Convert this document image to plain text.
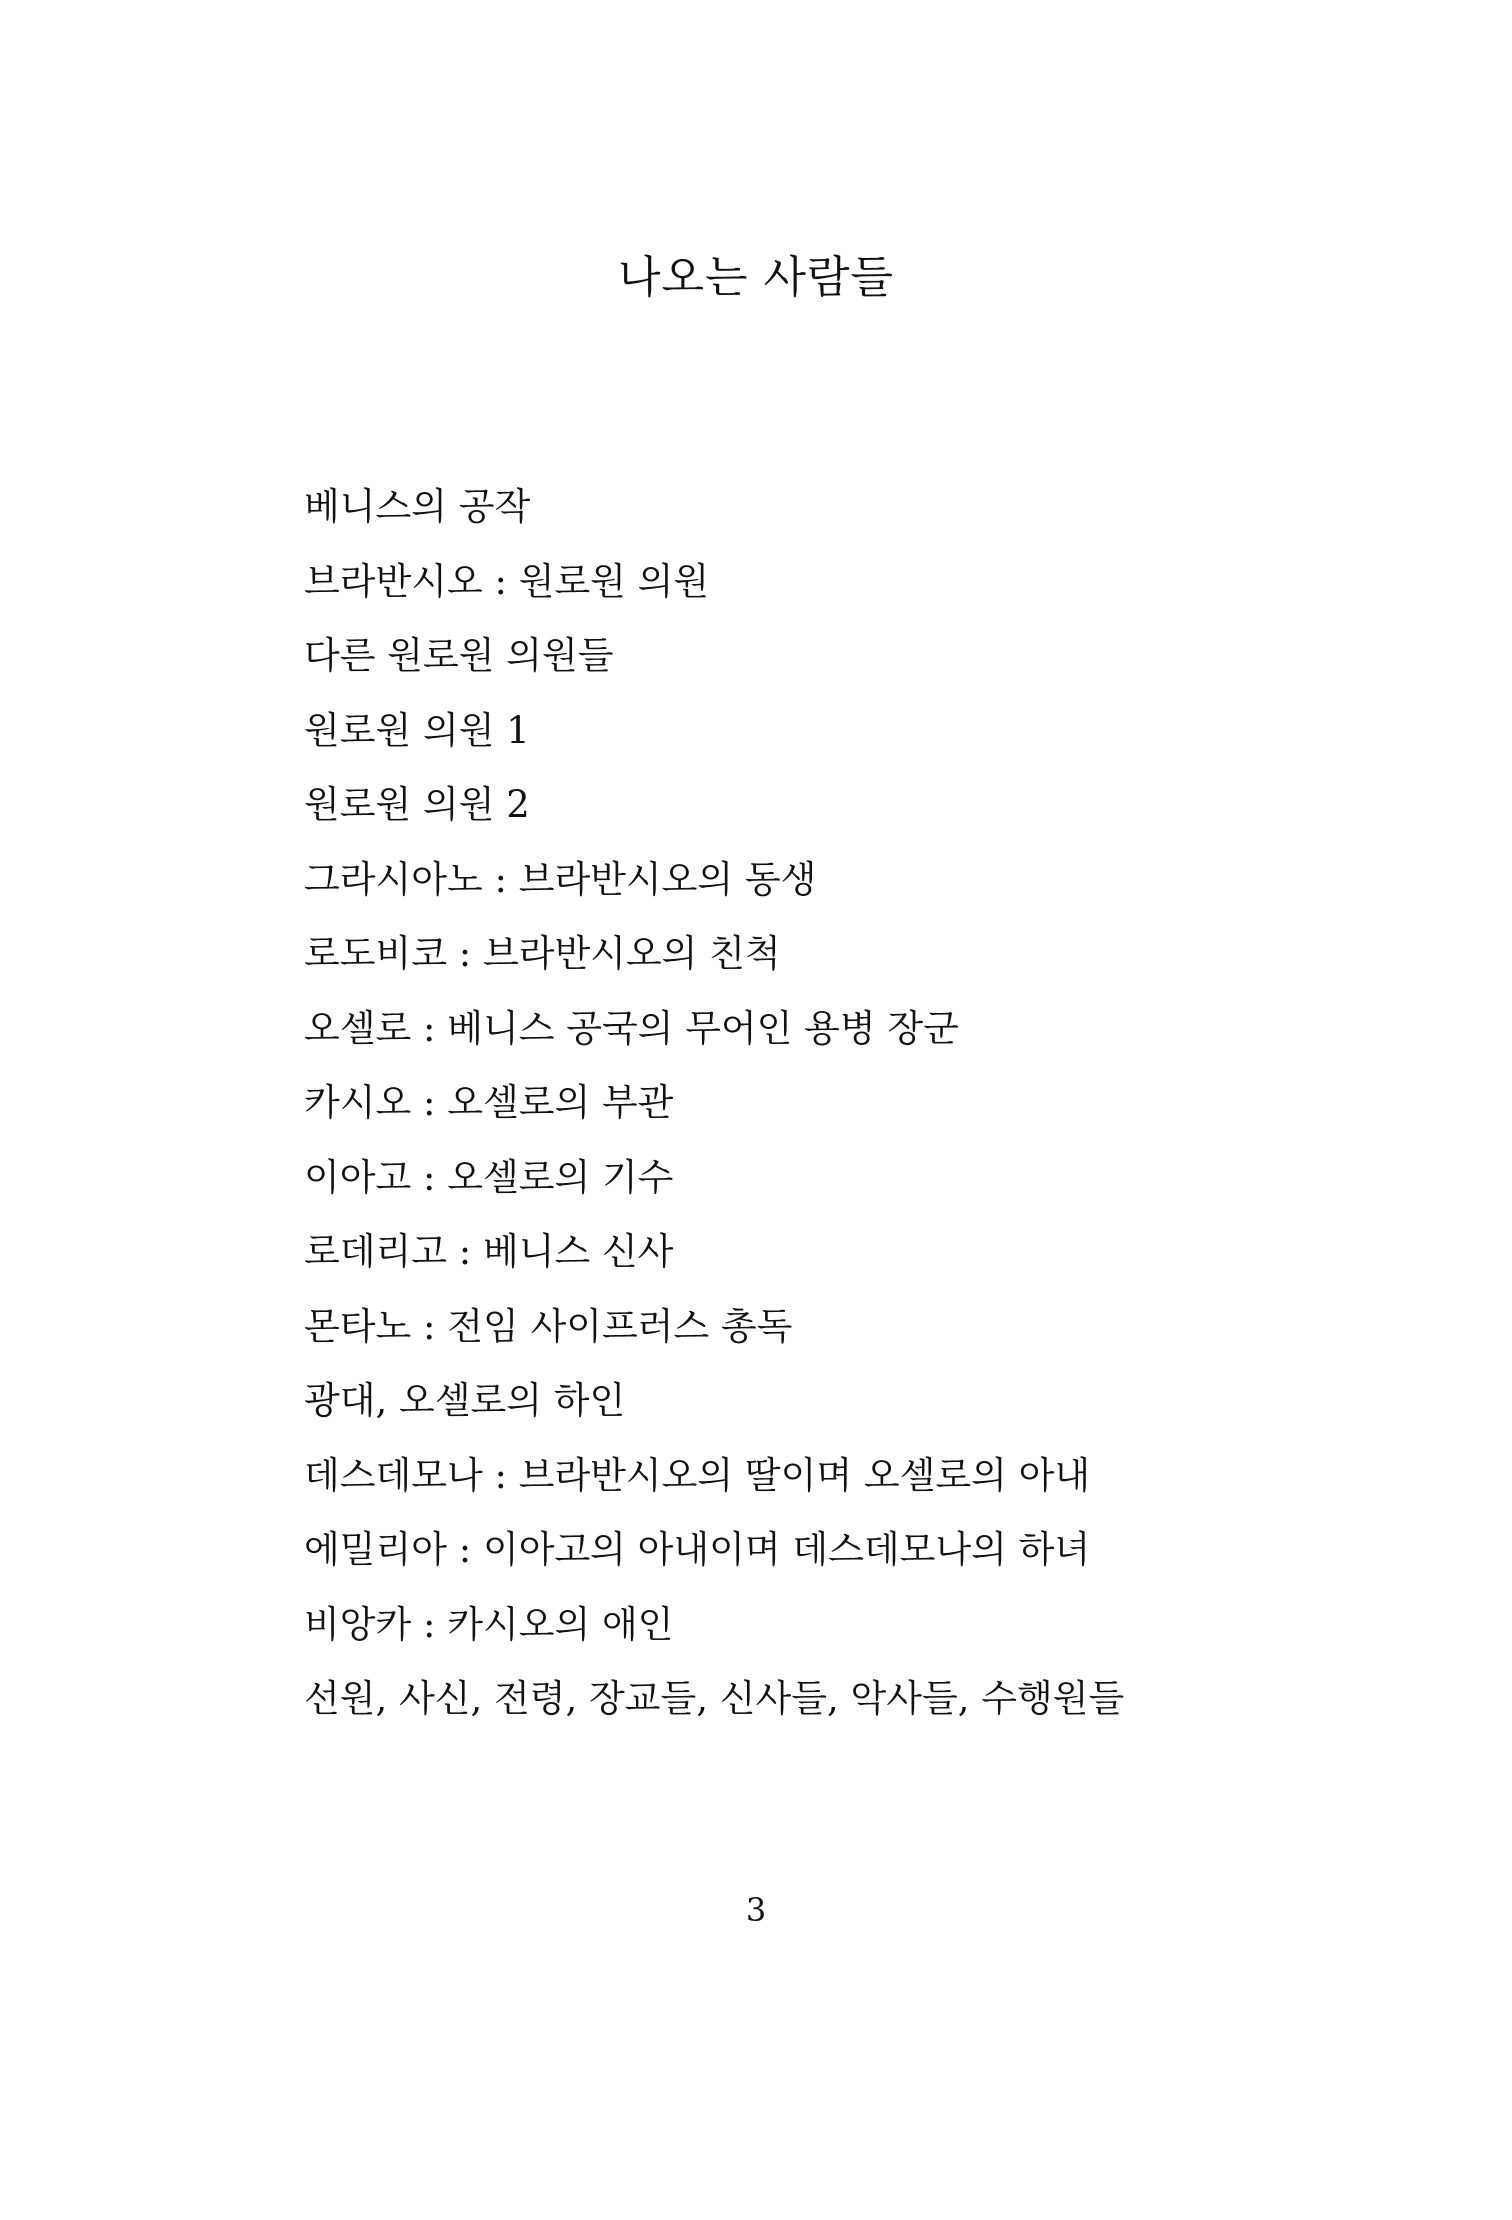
나오는 사람들
베니스의 공작
브라반시오 : 원로원 의원
다른 원로원 의원들
원로원 의원 1
원로원 의원 2
그라시아노 : 브라반시오의 동생
로도비코 : 브라반시오의 친척
오셀로 : 베니스 공국의 무어인 용병 장군
카시오 : 오셀로의 부관
이아고 : 오셀로의 기수
로데리고 : 베니스 신사
몬타노 : 전임 사이프러스 총독
광대, 오셀로의 하인
데스데모나 : 브라반시오의 딸이며 오셀로의 아내
에밀리아 : 이아고의 아내이며 데스데모나의 하녀
비앙카 : 카시오의 애인
선원, 사신, 전령, 장교들, 신사들, 악사들, 수행원들
3
